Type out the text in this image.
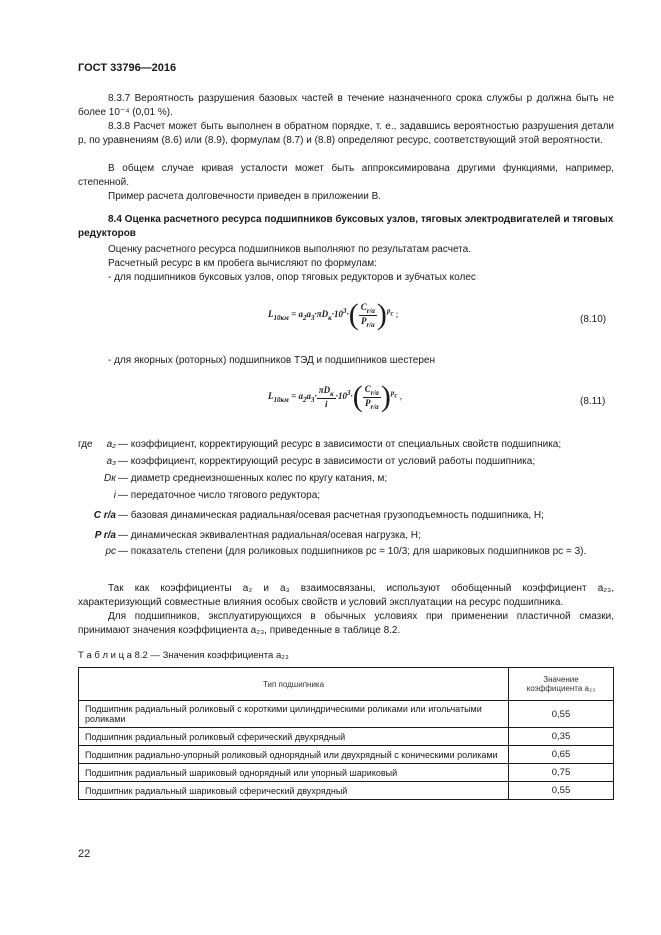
ГОСТ 33796—2016
8.3.7 Вероятность разрушения базовых частей в течение назначенного срока службы p должна быть не более 10⁻⁴ (0,01 %).
8.3.8 Расчет может быть выполнен в обратном порядке, т. е., задавшись вероятностью разрушения детали p, по уравнениям (8.6) или (8.9), формулам (8.7) и (8.8) определяют ресурс, соответствующий этой вероятности.
В общем случае кривая усталости может быть аппроксимирована другими функциями, например, степенной.
Пример расчета долговечности приведен в приложении В.
8.4 Оценка расчетного ресурса подшипников буксовых узлов, тяговых электродвигателей и тяговых редукторов
Оценку расчетного ресурса подшипников выполняют по результатам расчета.
Расчетный ресурс в км пробега вычисляют по формулам:
- для подшипников буксовых узлов, опор тяговых редукторов и зубчатых колес
$L_{10км} = a_2a_3\cdot\pi D_к\cdot 10^3\cdot( \frac{C_{r/a}}{P_{r/a}} )^{p_c}$ ;	(8.10)
- для якорных (роторных) подшипников ТЭД и подшипников шестерен
$L_{10км} = a_2a_3\cdot \frac{\pi D_к}{i} \cdot 10^3\cdot( \frac{C_{r/a}}{P_{r/a}} )^{p_c}$ ,	(8.11)
где	a₂ — коэффициент, корректирующий ресурс в зависимости от специальных свойств подшипника;
a₃ — коэффициент, корректирующий ресурс в зависимости от условий работы подшипника;
Dк — диаметр среднеизношенных колес по кругу катания, м;
i — передаточное число тягового редуктора;
C r/a — базовая динамическая радиальная/осевая расчетная грузоподъемность подшипника, Н;
P r/a — динамическая эквивалентная радиальная/осевая нагрузка, Н;
pc — показатель степени (для роликовых подшипников pc = 10/3; для шариковых подшипников pc = 3).
Так как коэффициенты a₂ и a₃ взаимосвязаны, используют обобщенный коэффициент a₂₃, характеризующий совместные влияния особых свойств и условий эксплуатации на ресурс подшипника.
Для подшипников, эксплуатирующихся в обычных условиях при применении пластичной смазки, принимают значения коэффициента a₂₃, приведенные в таблице 8.2.
Т а б л и ц а 8.2 — Значения коэффициента a₂₃
Тип подшипника	Значение коэффициента a₂₃
Подшипник радиальный роликовый с короткими цилиндрическими роликами или игольчатыми роликами	0,55
Подшипник радиальный роликовый сферический двухрядный	0,35
Подшипник радиально-упорный роликовый однорядный или двухрядный с коническими роликами	0,65
Подшипник радиальный шариковый однорядный или упорный шариковый	0,75
Подшипник радиальный шариковый сферический двухрядный	0,55
22
